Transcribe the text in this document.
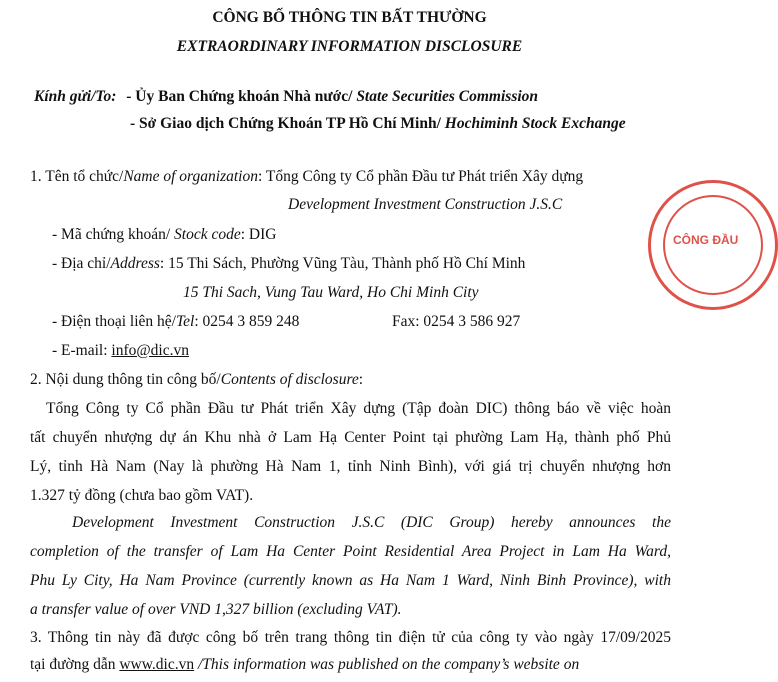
CÔNG BỐ THÔNG TIN BẤT THƯỜNG
EXTRAORDINARY INFORMATION DISCLOSURE
Kính gửi/To: - Ủy Ban Chứng khoán Nhà nước/ State Securities Commission
- Sở Giao dịch Chứng Khoán TP Hồ Chí Minh/ Hochiminh Stock Exchange
1. Tên tổ chức/Name of organization: Tổng Công ty Cổ phần Đầu tư Phát triển Xây dựng
Development Investment Construction J.S.C
- Mã chứng khoán/ Stock code: DIG
- Địa chỉ/Address: 15 Thi Sách, Phường Vũng Tàu, Thành phố Hồ Chí Minh
15 Thi Sach, Vung Tau Ward, Ho Chi Minh City
- Điện thoại liên hệ/Tel: 0254 3 859 248	Fax: 0254 3 586 927
- E-mail: info@dic.vn
2. Nội dung thông tin công bố/Contents of disclosure:
Tổng Công ty Cổ phần Đầu tư Phát triển Xây dựng (Tập đoàn DIC) thông báo về việc hoàn
tất chuyển nhượng dự án Khu nhà ở Lam Hạ Center Point tại phường Lam Hạ, thành phố Phủ
Lý, tỉnh Hà Nam (Nay là phường Hà Nam 1, tỉnh Ninh Bình), với giá trị chuyển nhượng hơn
1.327 tỷ đồng (chưa bao gồm VAT).
Development Investment Construction J.S.C (DIC Group) hereby announces the
completion of the transfer of Lam Ha Center Point Residential Area Project in Lam Ha Ward,
Phu Ly City, Ha Nam Province (currently known as Ha Nam 1 Ward, Ninh Binh Province), with
a transfer value of over VND 1,327 billion (excluding VAT).
3. Thông tin này đã được công bố trên trang thông tin điện tử của công ty vào ngày 17/09/2025
tại đường dẫn www.dic.vn /This information was published on the company’s website on
CÔNG ĐẦU
